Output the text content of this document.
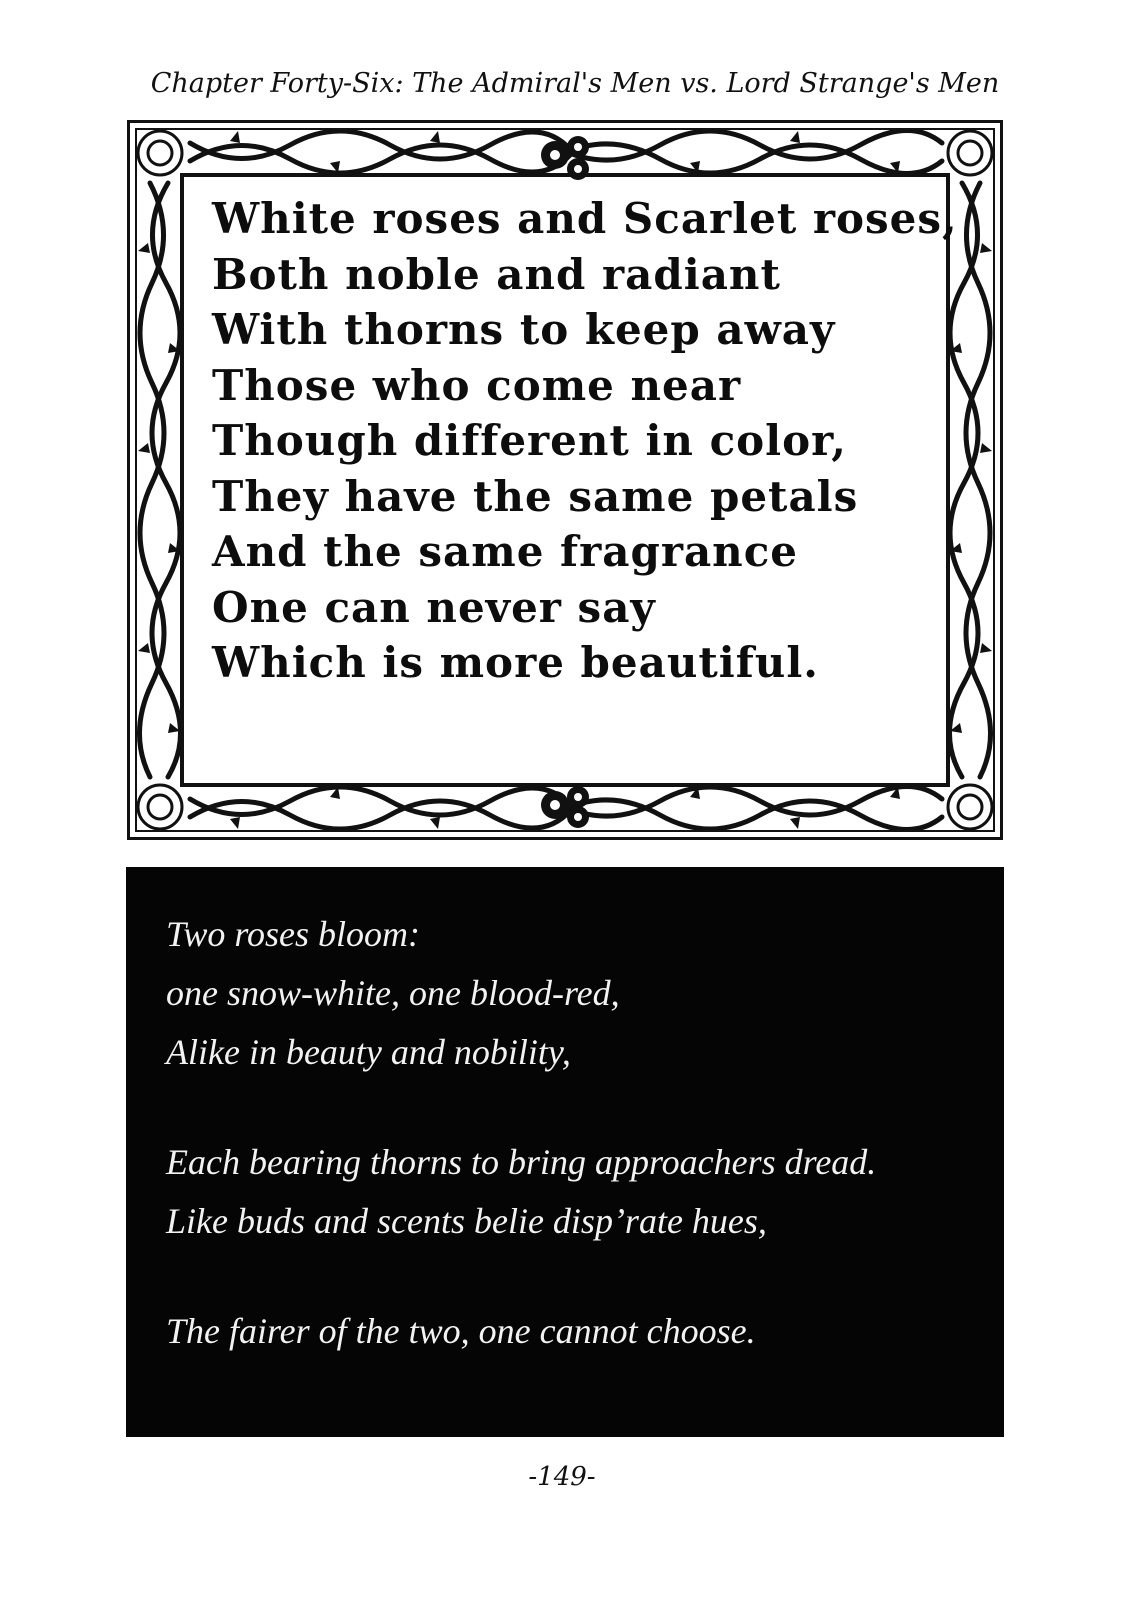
Chapter Forty-Six: The Admiral's Men vs. Lord Strange's Men
White roses and Scarlet roses,
Both noble and radiant
With thorns to keep away
Those who come near
Though different in color,
They have the same petals
And the same fragrance
One can never say
Which is more beautiful.
Two roses bloom:
one snow-white, one blood-red,
Alike in beauty and nobility,
Each bearing thorns to bring approachers dread.
Like buds and scents belie dispʼrate hues,
The fairer of the two, one cannot choose.
-149-
